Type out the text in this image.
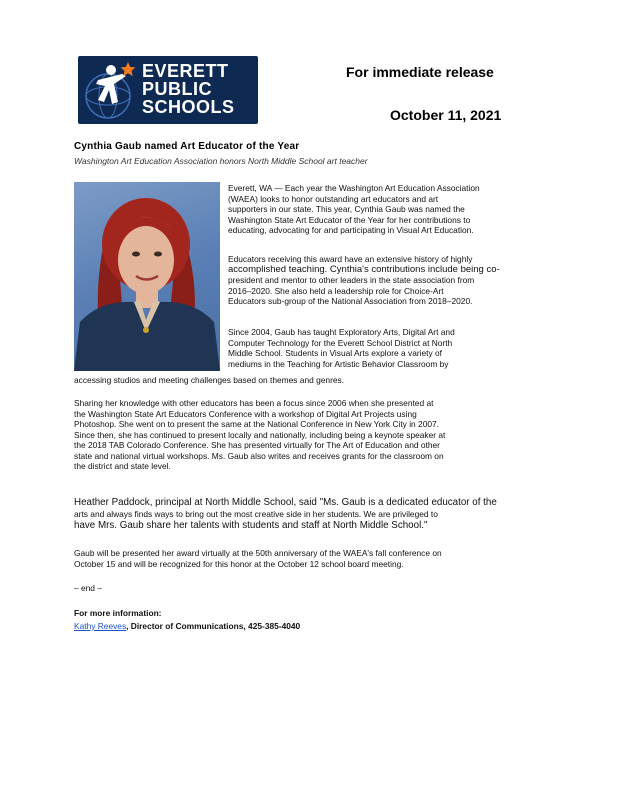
EVERETT
PUBLIC
SCHOOLS
For immediate release
October 11, 2021
Cynthia Gaub named Art Educator of the Year
Washington Art Education Association honors North Middle School art teacher
Everett, WA — Each year the Washington Art Education Association
(WAEA) looks to honor outstanding art educators and art
supporters in our state. This year, Cynthia Gaub was named the
Washington State Art Educator of the Year for her contributions to
educating, advocating for and participating in Visual Art Education.
Educators receiving this award have an extensive history of highly
accomplished teaching. Cynthia's contributions include being co-
president and mentor to other leaders in the state association from
2016–2020. She also held a leadership role for Choice-Art
Educators sub-group of the National Association from 2018–2020.
Since 2004, Gaub has taught Exploratory Arts, Digital Art and
Computer Technology for the Everett School District at North
Middle School. Students in Visual Arts explore a variety of
mediums in the Teaching for Artistic Behavior Classroom by
accessing studios and meeting challenges based on themes and genres.
Sharing her knowledge with other educators has been a focus since 2006 when she presented at
the Washington State Art Educators Conference with a workshop of Digital Art Projects using
Photoshop. She went on to present the same at the National Conference in New York City in 2007.
Since then, she has continued to present locally and nationally, including being a keynote speaker at
the 2018 TAB Colorado Conference. She has presented virtually for The Art of Education and other
state and national virtual workshops. Ms. Gaub also writes and receives grants for the classroom on
the district and state level.
Heather Paddock, principal at North Middle School, said "Ms. Gaub is a dedicated educator of the
arts and always finds ways to bring out the most creative side in her students. We are privileged to
have Mrs. Gaub share her talents with students and staff at North Middle School."
Gaub will be presented her award virtually at the 50th anniversary of the WAEA's fall conference on
October 15 and will be recognized for this honor at the October 12 school board meeting.
– end –
For more information:
Kathy Reeves, Director of Communications, 425-385-4040
